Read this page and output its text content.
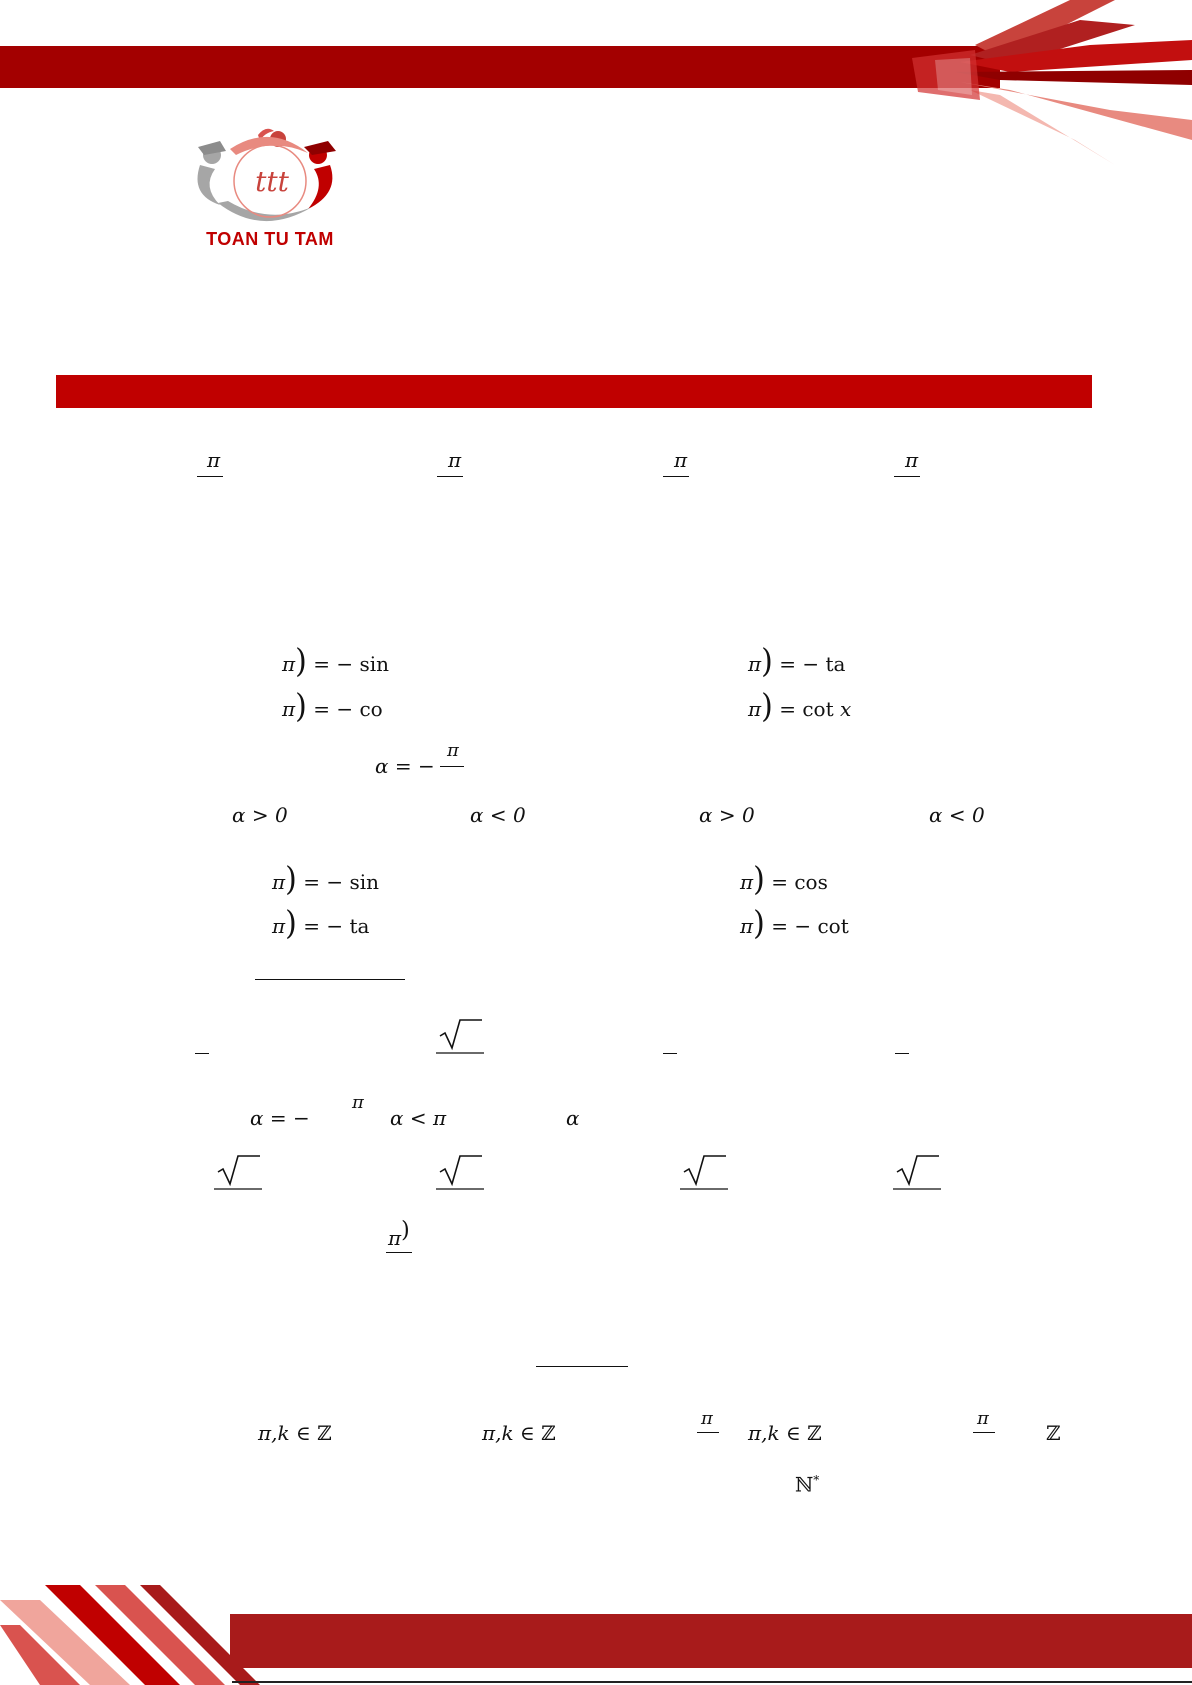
ttt
TOAN TU TAM
π	π	π	π
π) = − sin	π) = − ta
π) = − co	π) = cot x
α = −
π
α > 0	α < 0	α > 0	α < 0
π) = − sin	π) = cos
π) = − ta	π) = − cot
α = −
π
α < π	α
π)
π,k ∈ ℤ	π,k ∈ ℤ
π
π,k ∈ ℤ
π
ℤ
ℕ*
